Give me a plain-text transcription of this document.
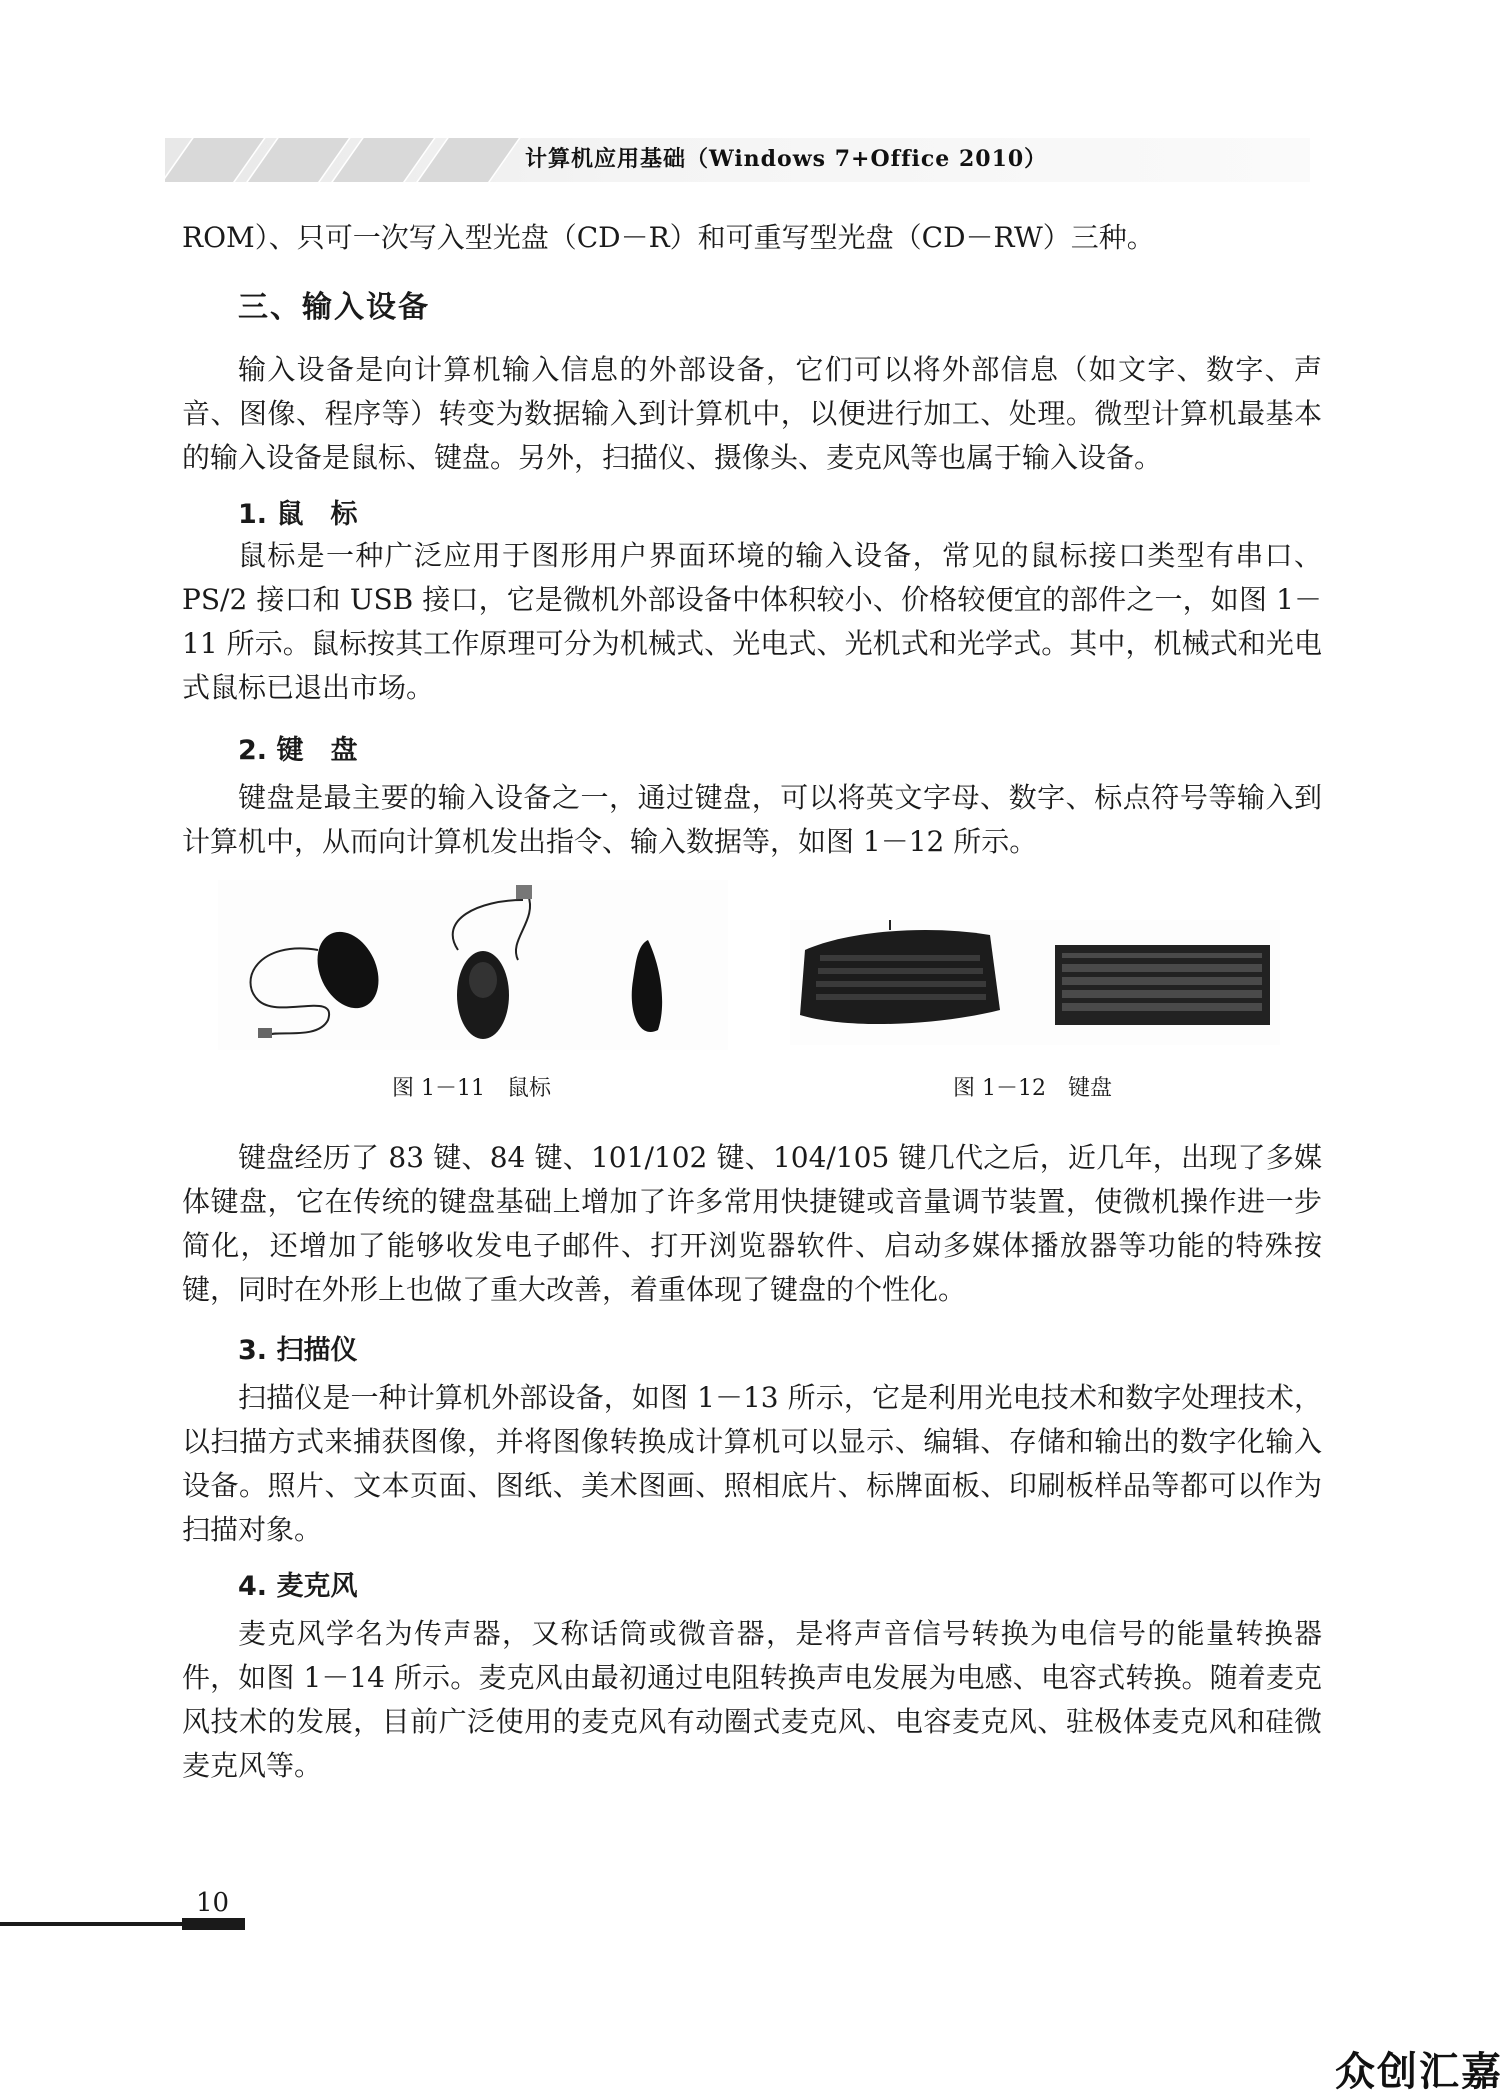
计算机应用基础（Windows 7+Office 2010）

ROM）、只可一次写入型光盘（CD－R）和可重写型光盘（CD－RW）三种。

三、输入设备

输入设备是向计算机输入信息的外部设备，它们可以将外部信息（如文字、数字、声音、图像、程序等）转变为数据输入到计算机中，以便进行加工、处理。微型计算机最基本的输入设备是鼠标、键盘。另外，扫描仪、摄像头、麦克风等也属于输入设备。

1. 鼠　标

鼠标是一种广泛应用于图形用户界面环境的输入设备，常见的鼠标接口类型有串口、PS/2 接口和 USB 接口，它是微机外部设备中体积较小、价格较便宜的部件之一，如图 1－11 所示。鼠标按其工作原理可分为机械式、光电式、光机式和光学式。其中，机械式和光电式鼠标已退出市场。

2. 键　盘

键盘是最主要的输入设备之一，通过键盘，可以将英文字母、数字、标点符号等输入到计算机中，从而向计算机发出指令、输入数据等，如图 1－12 所示。

图 1－11　鼠标	图 1－12　键盘

键盘经历了 83 键、84 键、101/102 键、104/105 键几代之后，近几年，出现了多媒体键盘，它在传统的键盘基础上增加了许多常用快捷键或音量调节装置，使微机操作进一步简化，还增加了能够收发电子邮件、打开浏览器软件、启动多媒体播放器等功能的特殊按键，同时在外形上也做了重大改善，着重体现了键盘的个性化。

3. 扫描仪

扫描仪是一种计算机外部设备，如图 1－13 所示，它是利用光电技术和数字处理技术，以扫描方式来捕获图像，并将图像转换成计算机可以显示、编辑、存储和输出的数字化输入设备。照片、文本页面、图纸、美术图画、照相底片、标牌面板、印刷板样品等都可以作为扫描对象。

4. 麦克风

麦克风学名为传声器，又称话筒或微音器，是将声音信号转换为电信号的能量转换器件，如图 1－14 所示。麦克风由最初通过电阻转换声电发展为电感、电容式转换。随着麦克风技术的发展，目前广泛使用的麦克风有动圈式麦克风、电容麦克风、驻极体麦克风和硅微麦克风等。

10
众创汇嘉
